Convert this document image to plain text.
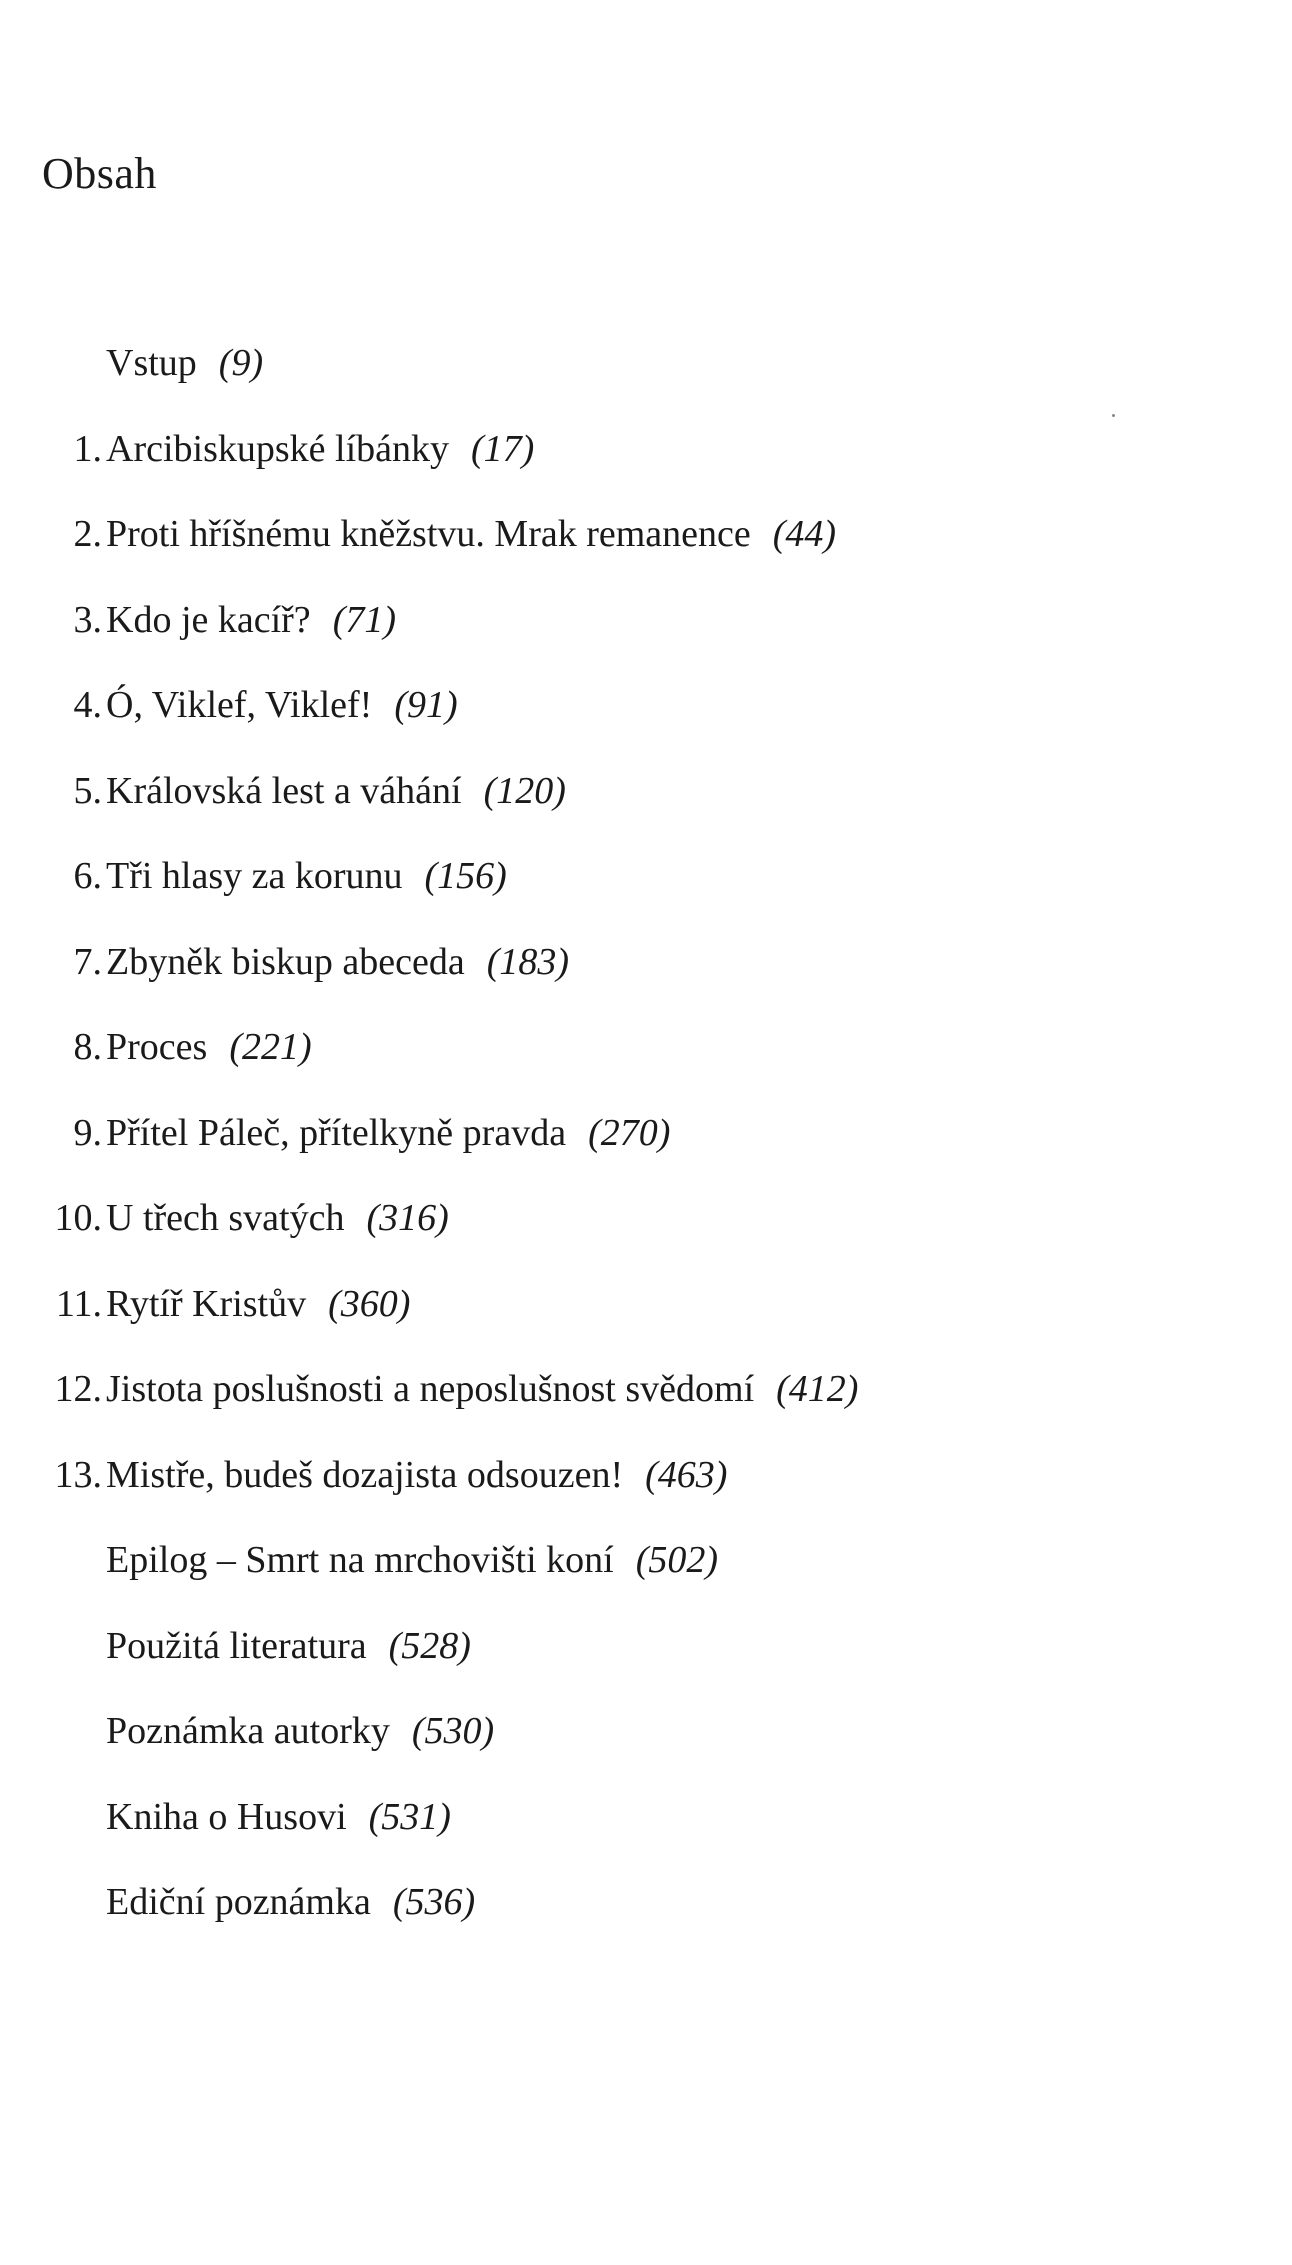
Obsah
Vstup (9)
1. Arcibiskupské líbánky (17)
2. Proti hříšnému kněžstvu. Mrak remanence (44)
3. Kdo je kacíř? (71)
4. Ó, Viklef, Viklef! (91)
5. Královská lest a váhání (120)
6. Tři hlasy za korunu (156)
7. Zbyněk biskup abeceda (183)
8. Proces (221)
9. Přítel Páleč, přítelkyně pravda (270)
10. U třech svatých (316)
11. Rytíř Kristův (360)
12. Jistota poslušnosti a neposlušnost svědomí (412)
13. Mistře, budeš dozajista odsouzen! (463)
Epilog – Smrt na mrchovišti koní (502)
Použitá literatura (528)
Poznámka autorky (530)
Kniha o Husovi (531)
Ediční poznámka (536)
